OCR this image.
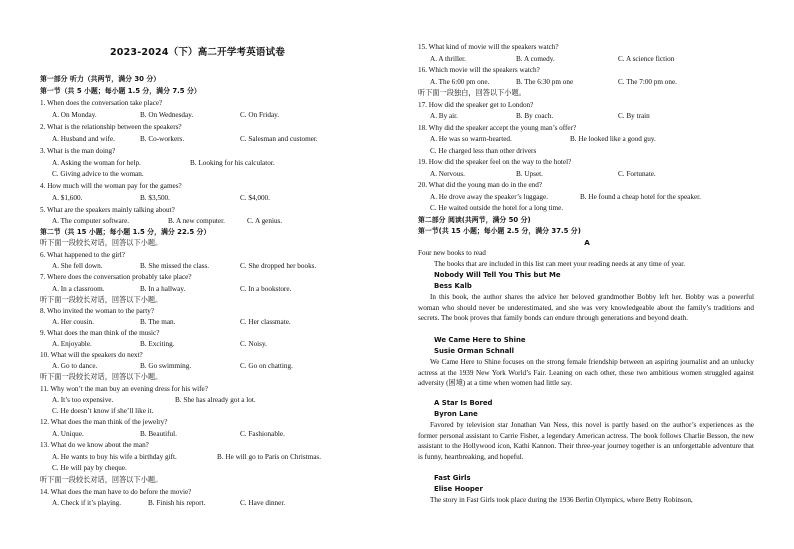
2023-2024（下）高二开学考英语试卷
第一部分 听力（共两节，满分 30 分）
第一节（共 5 小题；每小题 1.5 分，满分 7.5 分）
1. When does the conversation take place?
A. On Monday.	B. On Wednesday.	C. On Friday.
2. What is the relationship between the speakers?
A. Husband and wife.	B. Co-workers.	C. Salesman and customer.
3. What is the man doing?
A. Asking the woman for help.	B. Looking for his calculator.
C. Giving advice to the woman.
4. How much will the woman pay for the games?
A. $1,600.	B. $3,500.	C. $4,000.
5. What are the speakers mainly talking about?
A. The computer software.	B. A new computer.	C. A genius.
第二节（共 15 小题；每小题 1.5 分，满分 22.5 分）
听下面一段较长对话，回答以下小题。
6. What happened to the girl?
A. She fell down.	B. She missed the class.	C. She dropped her books.
7. Where does the conversation probably take place?
A. In a classroom.	B. In a hallway.	C. In a bookstore.
听下面一段较长对话，回答以下小题。
8. Who invited the woman to the party?
A. Her cousin.	B. The man.	C. Her classmate.
9. What does the man think of the music?
A. Enjoyable.	B. Exciting.	C. Noisy.
10. What will the speakers do next?
A. Go to dance.	B. Go swimming.	C. Go on chatting.
听下面一段较长对话，回答以下小题。
11. Why won’t the man buy an evening dress for his wife?
A. It’s too expensive.	B. She has already got a lot.
C. He doesn’t know if she’ll like it.
12. What does the man think of the jewelry?
A. Unique.	B. Beautiful.	C. Fashionable.
13. What do we know about the man?
A. He wants to buy his wife a birthday gift.	B. He will go to Paris on Christmas.
C. He will pay by cheque.
听下面一段较长对话，回答以下小题。
14. What does the man have to do before the movie?
A. Check if it’s playing.	B. Finish his report.	C. Have dinner.
15. What kind of movie will the speakers watch?
A. A thriller.	B. A comedy.	C. A science fiction
16. Which movie will the speakers watch?
A. The 6:00 pm one.	B. The 6:30 pm one	C. The 7:00 pm one.
听下面一段独白，回答以下小题。
17. How did the speaker get to London?
A. By air.	B. By coach.	C. By train
18. Why did the speaker accept the young man’s offer?
A. He was so warm-hearted.	B. He looked like a good guy.
C. He charged less than other drivers
19. How did the speaker feel on the way to the hotel?
A. Nervous.	B. Upset.	C. Fortunate.
20. What did the young man do in the end?
A. He drove away the speaker’s luggage.	B. He found a cheap hotel for the speaker.
C. He waited outside the hotel for a long time.
第二部分 阅读(共两节，满分 50 分)
第一节(共 15 小题；每小题 2.5 分，满分 37.5 分)
A
Four new books to read
The books that are included in this list can meet your reading needs at any time of year.
Nobody Will Tell You This but Me
Bess Kalb
In this book, the author shares the advice her beloved grandmother Bobby left her. Bobby was a powerful woman who should never be underestimated, and she was very knowledgeable about the family’s traditions and secrets. The book proves that family bonds can endure through generations and beyond death.
We Came Here to Shine
Susie Orman Schnall
We Came Here to Shine focuses on the strong female friendship between an aspiring journalist and an unlucky actress at the 1939 New York World’s Fair. Leaning on each other, these two ambitious women struggled against adversity (困境) at a time when women had little say.
A Star Is Bored
Byron Lane
Favored by television star Jonathan Van Ness, this novel is partly based on the author’s experiences as the former personal assistant to Carrie Fisher, a legendary American actress. The book follows Charlie Besson, the new assistant to the Hollywood icon, Kathi Kannon. Their three-year journey together is an unforgettable adventure that is funny, heartbreaking, and hopeful.
Fast Girls
Elise Hooper
The story in Fast Girls took place during the 1936 Berlin Olympics, where Betty Robinson,
